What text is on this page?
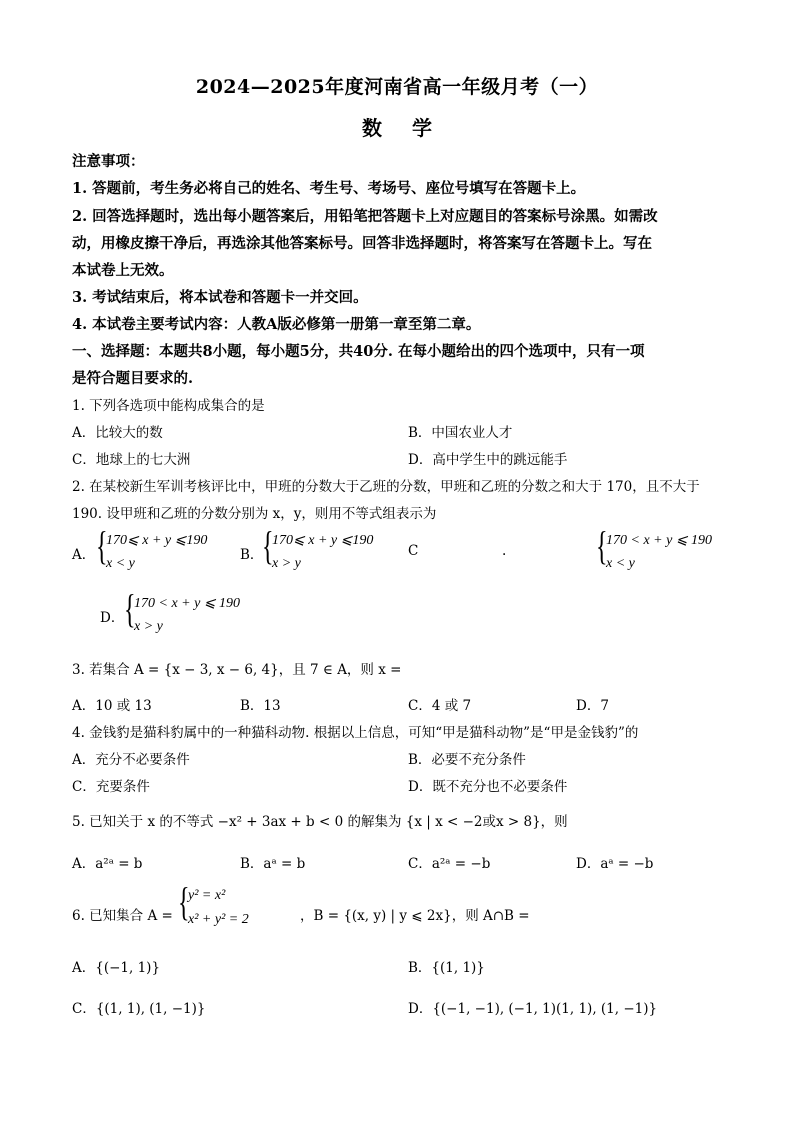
2024—2025年度河南省高一年级月考（一）
数学
注意事项：
1. 答题前，考生务必将自己的姓名、考生号、考场号、座位号填写在答题卡上。
2. 回答选择题时，选出每小题答案后，用铅笔把答题卡上对应题目的答案标号涂黑。如需改
动，用橡皮擦干净后，再选涂其他答案标号。回答非选择题时，将答案写在答题卡上。写在
本试卷上无效。
3. 考试结束后，将本试卷和答题卡一并交回。
4. 本试卷主要考试内容：人教A版必修第一册第一章至第二章。
一、选择题：本题共8小题，每小题5分，共40分. 在每小题给出的四个选项中，只有一项
是符合题目要求的.
1. 下列各选项中能构成集合的是
A．比较大的数	B．中国农业人才
C．地球上的七大洲	D．高中学生中的跳远能手
2. 在某校新生军训考核评比中，甲班的分数大于乙班的分数，甲班和乙班的分数之和大于 170，且不大于
190. 设甲班和乙班的分数分别为 x，y，则用不等式组表示为
A． {
170⩽ x + y ⩽190
x < y
B．
{
170⩽ x + y ⩽190
x > y
C	. {
170 < x + y ⩽ 190
x < y
D． {
170 < x + y ⩽ 190
x > y
3. 若集合 A = {x − 3, x − 6, 4}，且 7 ∈ A，则 x =
A．10 或 13	B．13	C．4 或 7	D．7
4. 金钱豹是猫科豹属中的一种猫科动物. 根据以上信息，可知“甲是猫科动物”是“甲是金钱豹”的
A．充分不必要条件	B．必要不充分条件
C．充要条件	D．既不充分也不必要条件
5. 已知关于 x 的不等式 −x² + 3ax + b < 0 的解集为 {x | x < −2或x > 8}，则
A．a²ᵃ = b	B．aᵃ = b	C．a²ᵃ = −b	D．aᵃ = −b
6. 已知集合 A = {
y² = x²
x² + y² = 2	，B = {(x, y) | y ⩽ 2x}，则 A∩B =
A．{(−1, 1)}	B．{(1, 1)}
C．{(1, 1), (1, −1)}	D．{(−1, −1), (−1, 1)(1, 1), (1, −1)}
